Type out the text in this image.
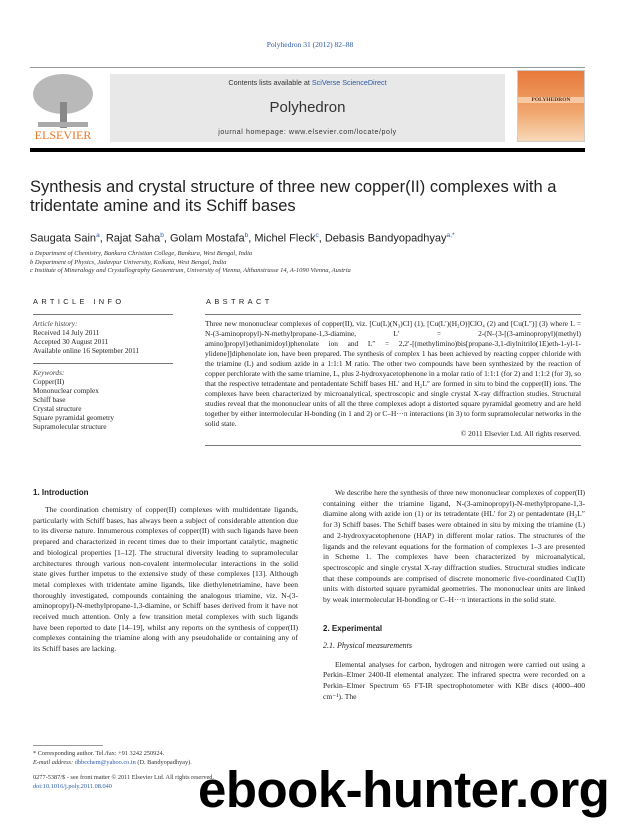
Polyhedron 31 (2012) 82–88
ELSEVIER
Contents lists available at SciVerse ScienceDirect
Polyhedron
journal homepage: www.elsevier.com/locate/poly
POLYHEDRON
Synthesis and crystal structure of three new copper(II) complexes with a tridentate amine and its Schiff bases
Saugata Sain$^a$, Rajat Saha$^b$, Golam Mostafa$^b$, Michel Fleck$^c$, Debasis Bandyopadhyay$^{a,*}$
a Department of Chemistry, Bankura Christian College, Bankura, West Bengal, India
b Department of Physics, Jadavpur University, Kolkata, West Bengal, India
c Institute of Mineralogy and Crystallography Geozentrum, University of Vienna, Althanstrasse 14, A-1090 Vienna, Austria
ARTICLE INFO	ABSTRACT
Article history:
Received 14 July 2011
Accepted 30 August 2011
Available online 16 September 2011
Keywords:
Copper(II)
Mononuclear complex
Schiff base
Crystal structure
Square pyramidal geometry
Supramolecular structure
Three new mononuclear complexes of copper(II), viz. [Cu(L)(N₃)Cl] (1), [Cu(L′)(H₂O)]ClO₄ (2) and [Cu(L″)] (3) where L = N-(3-aminopropyl)-N-methylpropane-1,3-diamine, L′ = 2-(N-{3-[(3-aminopropyl)(methyl) amino]propyl}ethanimidoyl)phenolate ion and L″ = 2,2′-[(methylimino)bis[propane-3,1-diylnitrilo(1E)eth-1-yl-1-ylidene]]diphenolate ion, have been prepared. The synthesis of complex 1 has been achieved by reacting copper chloride with the triamine (L) and sodium azide in a 1:1:1 M ratio. The other two compounds have been synthesized by the reaction of copper perchlorate with the same triamine, L, plus 2-hydroxyacetophenone in a molar ratio of 1:1:1 (for 2) and 1:1:2 (for 3), so that the respective tetradentate and pentadentate Schiff bases HL′ and H₂L″ are formed in situ to bind the copper(II) ions. The complexes have been characterized by microanalytical, spectroscopic and single crystal X-ray diffraction studies. Structural studies reveal that the mononuclear units of all the three complexes adopt a distorted square pyramidal geometry and are held together by either intermolecular H-bonding (in 1 and 2) or C–H···π interactions (in 3) to form supramolecular networks in the solid state.
© 2011 Elsevier Ltd. All rights reserved.
1. Introduction

The coordination chemistry of copper(II) complexes with multidentate ligands, particularly with Schiff bases, has always been a subject of considerable attention due to its diverse nature. Innumerous complexes of copper(II) with such ligands have been prepared and characterized in recent times due to their important catalytic, magnetic and biological properties [1–12]. The structural diversity leading to supramolecular architectures through various non-covalent intermolecular interactions in the solid state gives further impetus to the extensive study of these complexes [13]. Although metal complexes with tridentate amine ligands, like diethylenetriamine, have been thoroughly investigated, compounds containing the analogous triamine, viz. N-(3-aminopropyl)-N-methylpropane-1,3-diamine, or Schiff bases derived from it have not received much attention. Only a few transition metal complexes with such ligands have been reported to date [14–19], whilst any reports on the synthesis of copper(II) complexes containing the triamine along with any pseudohalide or containing any of its Schiff bases are lacking.

We describe here the synthesis of three new mononuclear complexes of copper(II) containing either the triamine ligand, N-(3-aminopropyl)-N-methylpropane-1,3-diamine along with azide ion (1) or its tetradentate (HL′ for 2) or pentadentate (H₂L″ for 3) Schiff bases. The Schiff bases were obtained in situ by mixing the triamine (L) and 2-hydroxyacetophenone (HAP) in different molar ratios. The structures of the ligands and the relevant equations for the formation of complexes 1–3 are presented in Scheme 1. The complexes have been characterized by microanalytical, spectroscopic and single crystal X-ray diffraction studies. Structural studies indicate that these compounds are comprised of discrete monomeric five-coordinated Cu(II) units with distorted square pyramidal geometries. The mononuclear units are linked by weak intermolecular H-bonding or C–H···π interactions in the solid state.

2. Experimental
2.1. Physical measurements

Elemental analyses for carbon, hydrogen and nitrogen were carried out using a Perkin–Elmer 2400-II elemental analyzer. The infrared spectra were recorded on a Perkin–Elmer Spectrum 65 FT-IR spectrophotometer with KBr discs (4000–400 cm⁻¹). The

* Corresponding author. Tel./fax: +91 3242 250924.
E-mail address: dbbcchem@yahoo.co.in (D. Bandyopadhyay).
0277-5387/$ - see front matter © 2011 Elsevier Ltd. All rights reserved.
doi:10.1016/j.poly.2011.08.040	ebook-hunter.org
